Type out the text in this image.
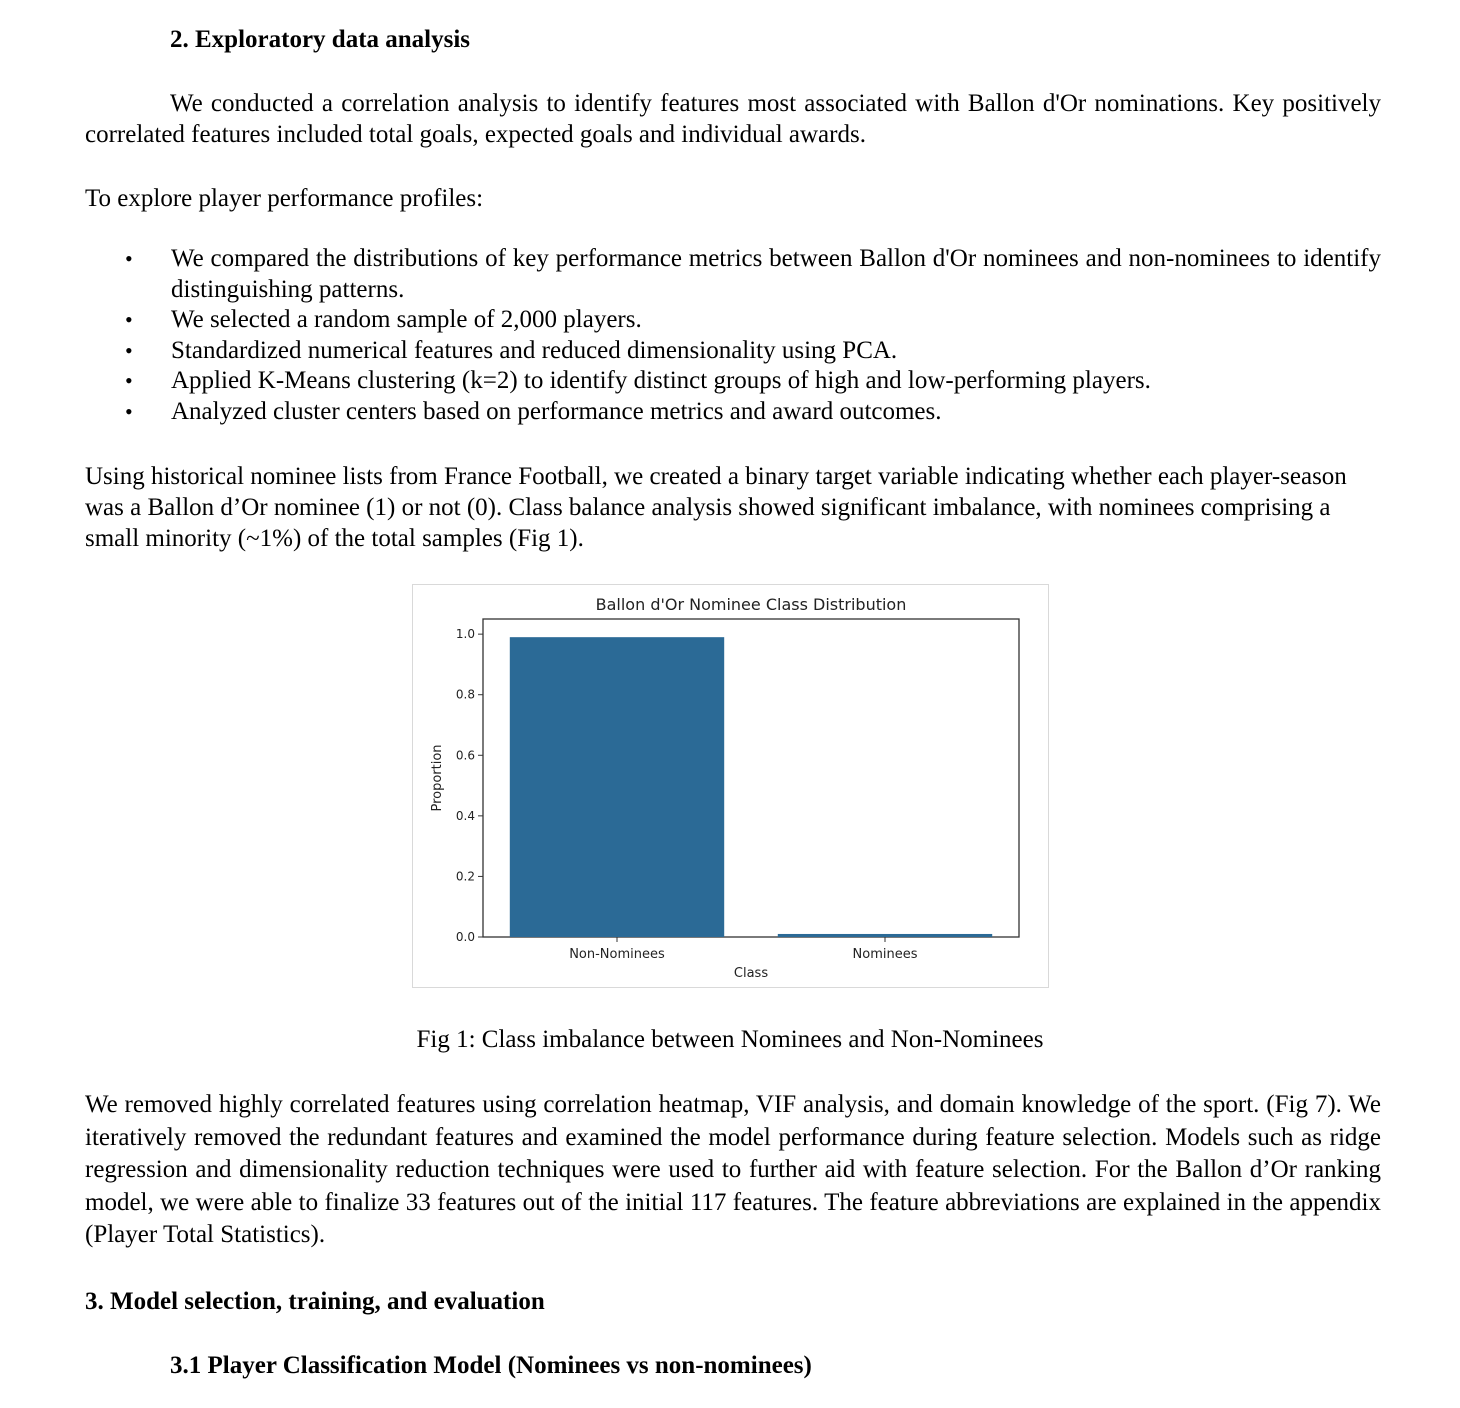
2. Exploratory data analysis

We conducted a correlation analysis to identify features most associated with Ballon d'Or nominations. Key positively correlated features included total goals, expected goals and individual awards.

To explore player performance profiles:

• We compared the distributions of key performance metrics between Ballon d'Or nominees and non-nominees to identify distinguishing patterns.
• We selected a random sample of 2,000 players.
• Standardized numerical features and reduced dimensionality using PCA.
• Applied K-Means clustering (k=2) to identify distinct groups of high and low-performing players.
• Analyzed cluster centers based on performance metrics and award outcomes.

Using historical nominee lists from France Football, we created a binary target variable indicating whether each player-season was a Ballon d’Or nominee (1) or not (0). Class balance analysis showed significant imbalance, with nominees comprising a small minority (~1%) of the total samples (Fig 1).

Ballon d'Or Nominee Class Distribution
0.0
0.2
0.4
0.6
0.8
1.0
Non-Nominees	Nominees
Proportion
Class

Fig 1: Class imbalance between Nominees and Non-Nominees

We removed highly correlated features using correlation heatmap, VIF analysis, and domain knowledge of the sport. (Fig 7). We iteratively removed the redundant features and examined the model performance during feature selection. Models such as ridge regression and dimensionality reduction techniques were used to further aid with feature selection. For the Ballon d’Or ranking model, we were able to finalize 33 features out of the initial 117 features. The feature abbreviations are explained in the appendix (Player Total Statistics).

3. Model selection, training, and evaluation
3.1 Player Classification Model (Nominees vs non-nominees)
